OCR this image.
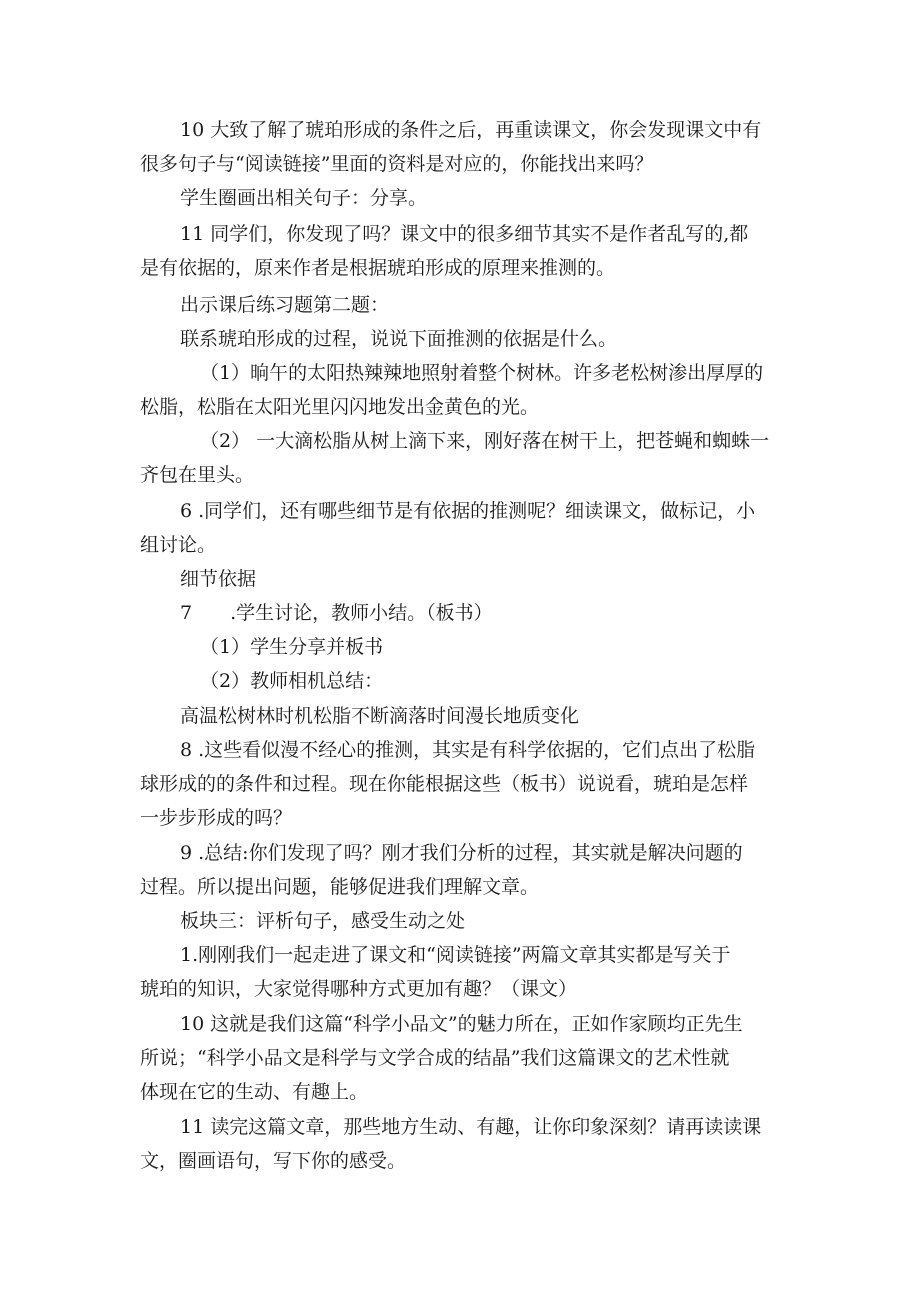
10 大致了解了琥珀形成的条件之后，再重读课文，你会发现课文中有
很多句子与“阅读链接”里面的资料是对应的，你能找出来吗？
学生圈画出相关句子：分享。
11 同学们，你发现了吗？课文中的很多细节其实不是作者乱写的,都
是有依据的，原来作者是根据琥珀形成的原理来推测的。
出示课后练习题第二题：
联系琥珀形成的过程，说说下面推测的依据是什么。
（1）晌午的太阳热辣辣地照射着整个树林。许多老松树渗出厚厚的
松脂，松脂在太阳光里闪闪地发出金黄色的光。
（2） 一大滴松脂从树上滴下来，刚好落在树干上，把苍蝇和蜘蛛一
齐包在里头。
6 .同学们，还有哪些细节是有依据的推测呢？细读课文，做标记，小
组讨论。
细节依据
7　　.学生讨论，教师小结。（板书）
（1）学生分享并板书
（2）教师相机总结：
高温松树林时机松脂不断滴落时间漫长地质变化
8 .这些看似漫不经心的推测，其实是有科学依据的，它们点出了松脂
球形成的的条件和过程。现在你能根据这些（板书）说说看，琥珀是怎样
一步步形成的吗？
9 .总结:你们发现了吗？刚才我们分析的过程，其实就是解决问题的
过程。所以提出问题，能够促进我们理解文章。
板块三：评析句子，感受生动之处
1.刚刚我们一起走进了课文和“阅读链接”两篇文章其实都是写关于
琥珀的知识，大家觉得哪种方式更加有趣？（课文）
10 这就是我们这篇“科学小品文”的魅力所在，正如作家顾均正先生
所说；“科学小品文是科学与文学合成的结晶”我们这篇课文的艺术性就
体现在它的生动、有趣上。
11 读完这篇文章，那些地方生动、有趣，让你印象深刻？请再读读课
文，圈画语句，写下你的感受。
